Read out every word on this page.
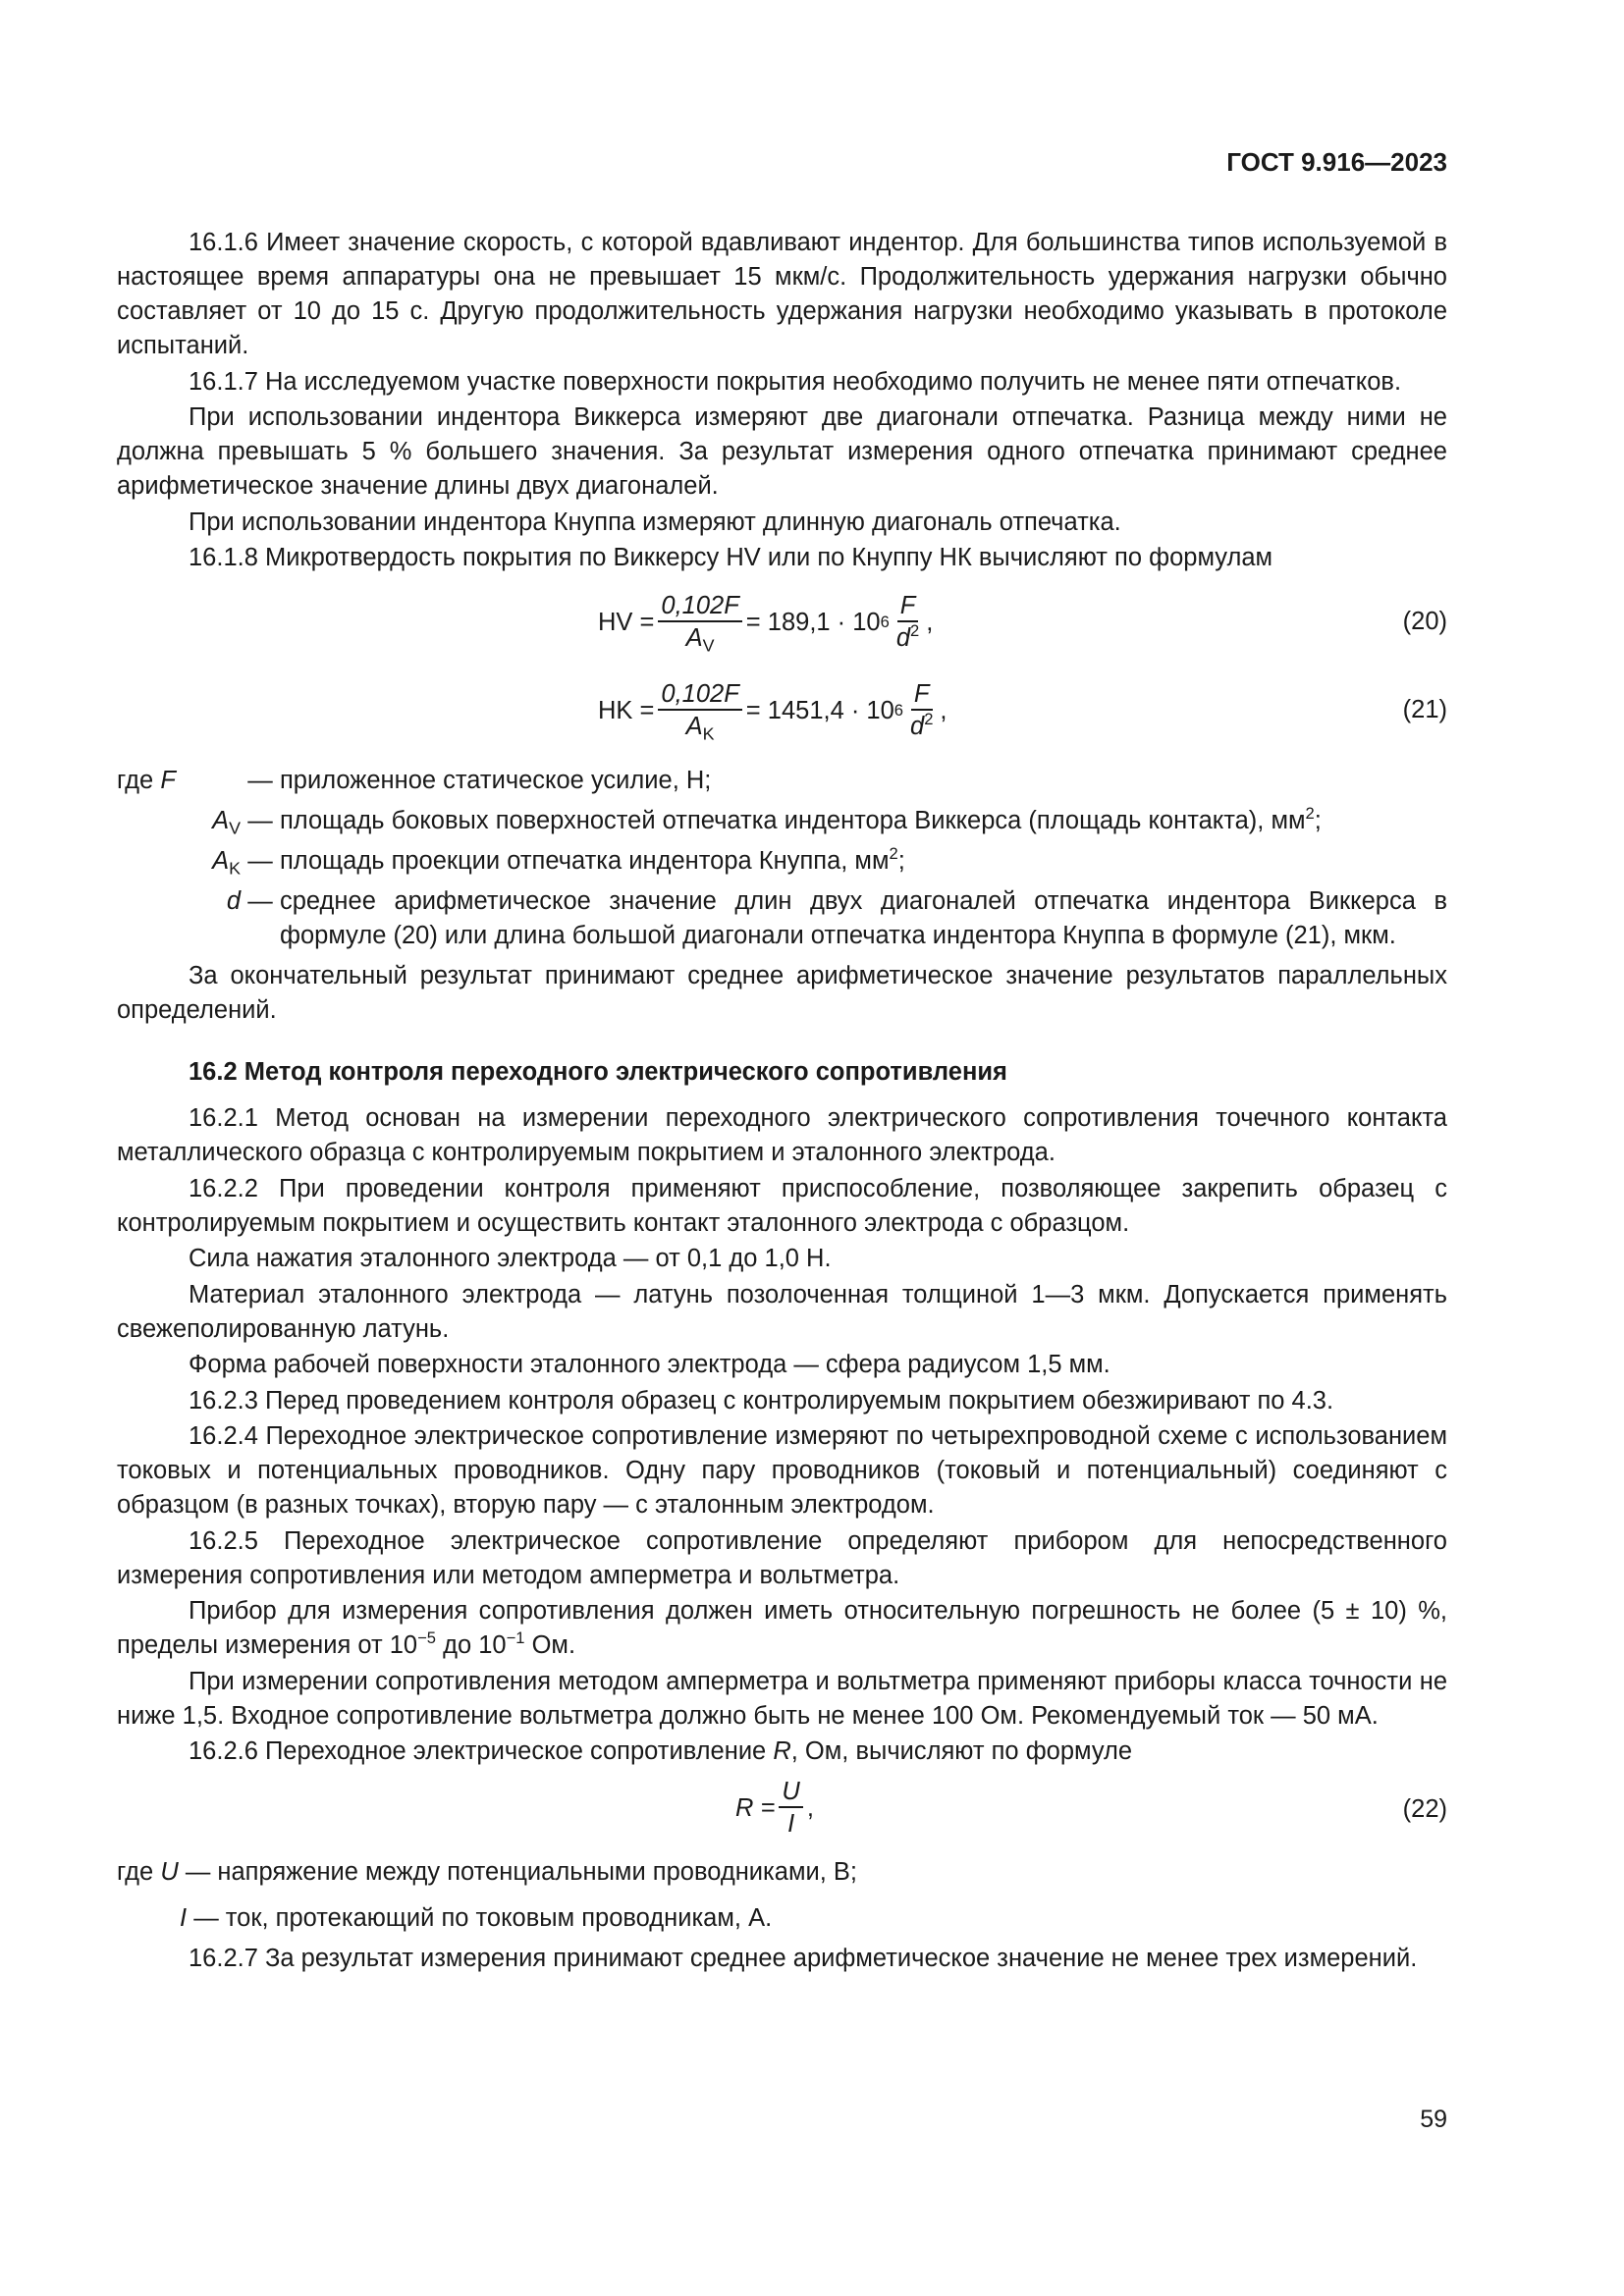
ГОСТ 9.916—2023

16.1.6 Имеет значение скорость, с которой вдавливают индентор. Для большинства типов используемой в настоящее время аппаратуры она не превышает 15 мкм/с. Продолжительность удержания нагрузки обычно составляет от 10 до 15 с. Другую продолжительность удержания нагрузки необходимо указывать в протоколе испытаний.

16.1.7 На исследуемом участке поверхности покрытия необходимо получить не менее пяти отпечатков.

При использовании индентора Виккерса измеряют две диагонали отпечатка. Разница между ними не должна превышать 5 % большего значения. За результат измерения одного отпечатка принимают среднее арифметическое значение длины двух диагоналей.

При использовании индентора Кнуппа измеряют длинную диагональ отпечатка.

16.1.8 Микротвердость покрытия по Виккерсу HV или по Кнуппу НК вычисляют по формулам

HV = $\frac{0,102F}{A_V} = 189,1 \cdot 10$ $6 \frac{F}{d^2}$ ,	(20)
HK = $\frac{0,102F}{A_K} = 1451,4 \cdot 10$ $6 \frac{F}{d^2}$ ,	(21)
где F	— приложенное статическое усилие, Н;
$A_V$ — площадь боковых поверхностей отпечатка индентора Виккерса (площадь контакта), $мм^2$;
$A_K$ — площадь проекции отпечатка индентора Кнуппа, $мм^2$;
d — среднее арифметическое значение длин двух диагоналей отпечатка индентора Виккерса в формуле (20) или длина большой диагонали отпечатка индентора Кнуппа в формуле (21), мкм.

За окончательный результат принимают среднее арифметическое значение результатов параллельных определений.

16.2 Метод контроля переходного электрического сопротивления

16.2.1 Метод основан на измерении переходного электрического сопротивления точечного контакта металлического образца с контролируемым покрытием и эталонного электрода.

16.2.2 При проведении контроля применяют приспособление, позволяющее закрепить образец с контролируемым покрытием и осуществить контакт эталонного электрода с образцом.

Сила нажатия эталонного электрода — от 0,1 до 1,0 Н.

Материал эталонного электрода — латунь позолоченная толщиной 1—3 мкм. Допускается применять свежеполированную латунь.

Форма рабочей поверхности эталонного электрода — сфера радиусом 1,5 мм.

16.2.3 Перед проведением контроля образец с контролируемым покрытием обезжиривают по 4.3.

16.2.4 Переходное электрическое сопротивление измеряют по четырехпроводной схеме с использованием токовых и потенциальных проводников. Одну пару проводников (токовый и потенциальный) соединяют с образцом (в разных точках), вторую пару — с эталонным электродом.

16.2.5 Переходное электрическое сопротивление определяют прибором для непосредственного измерения сопротивления или методом амперметра и вольтметра.

Прибор для измерения сопротивления должен иметь относительную погрешность не более (5 ± 10) %, пределы измерения от $10^{-5}$ до $10^{-1}$ Ом.

При измерении сопротивления методом амперметра и вольтметра применяют приборы класса точности не ниже 1,5. Входное сопротивление вольтметра должно быть не менее 100 Ом. Рекомендуемый ток — 50 мА.

16.2.6 Переходное электрическое сопротивление R, Ом, вычисляют по формуле

$R = \frac{U}{I}$ ,	(22)
где U — напряжение между потенциальными проводниками, В;
I — ток, протекающий по токовым проводникам, А.

16.2.7 За результат измерения принимают среднее арифметическое значение не менее трех измерений.

59
